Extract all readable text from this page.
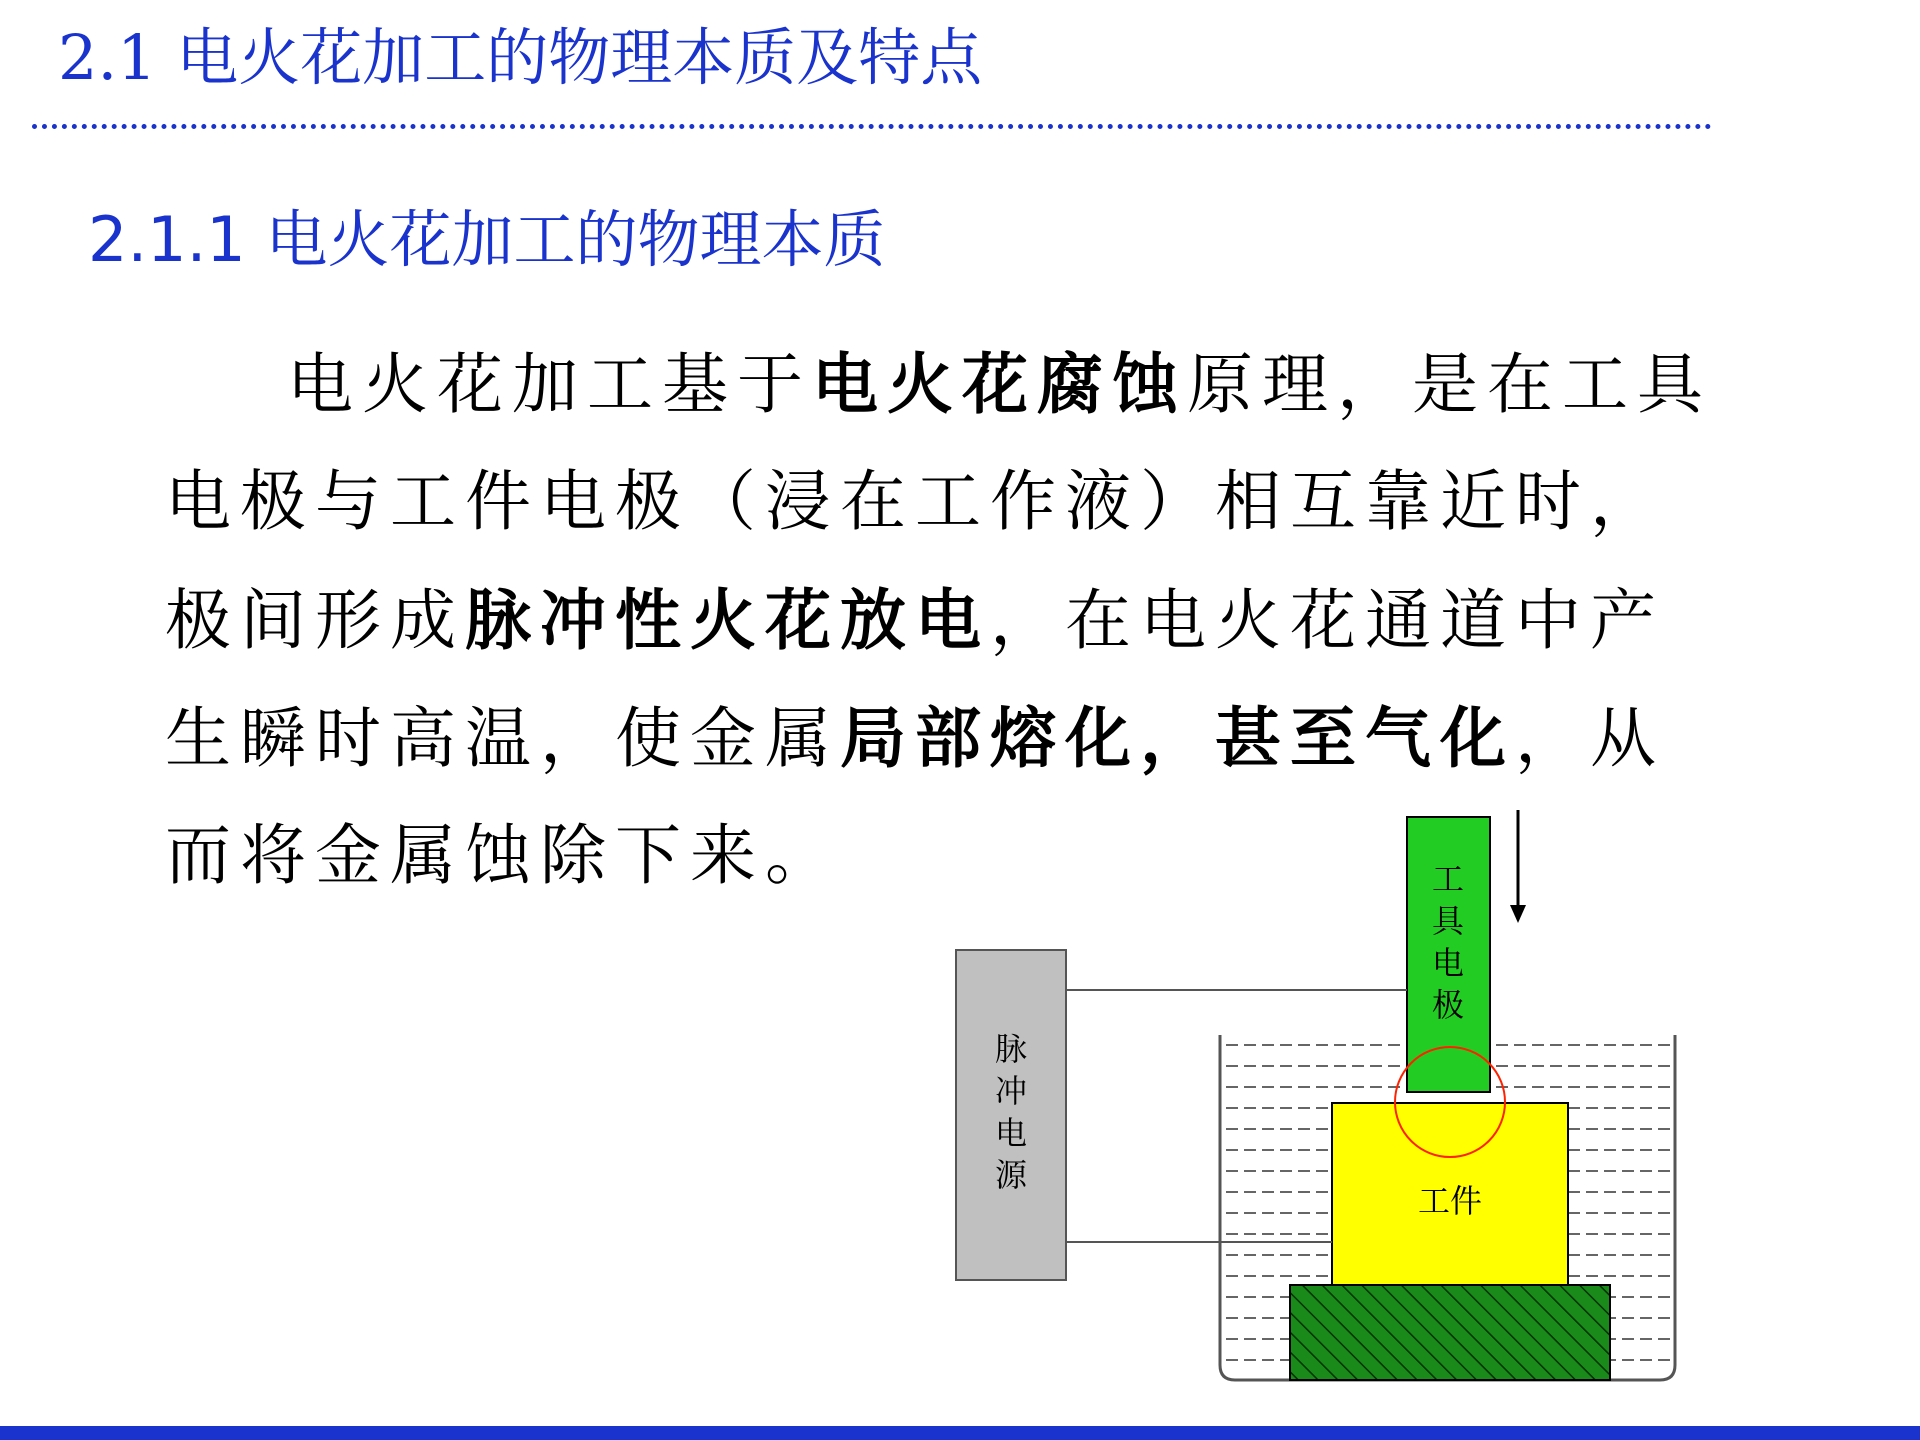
2.1 电火花加工的物理本质及特点
2.1.1 电火花加工的物理本质
电火花加工基于电火花腐蚀原理，是在工具
电极与工件电极（浸在工作液）相互靠近时，
极间形成脉冲性火花放电，在电火花通道中产
生瞬时高温，使金属局部熔化，甚至气化，从
而将金属蚀除下来。
工件
工
具
电
极
脉
冲
电
源
